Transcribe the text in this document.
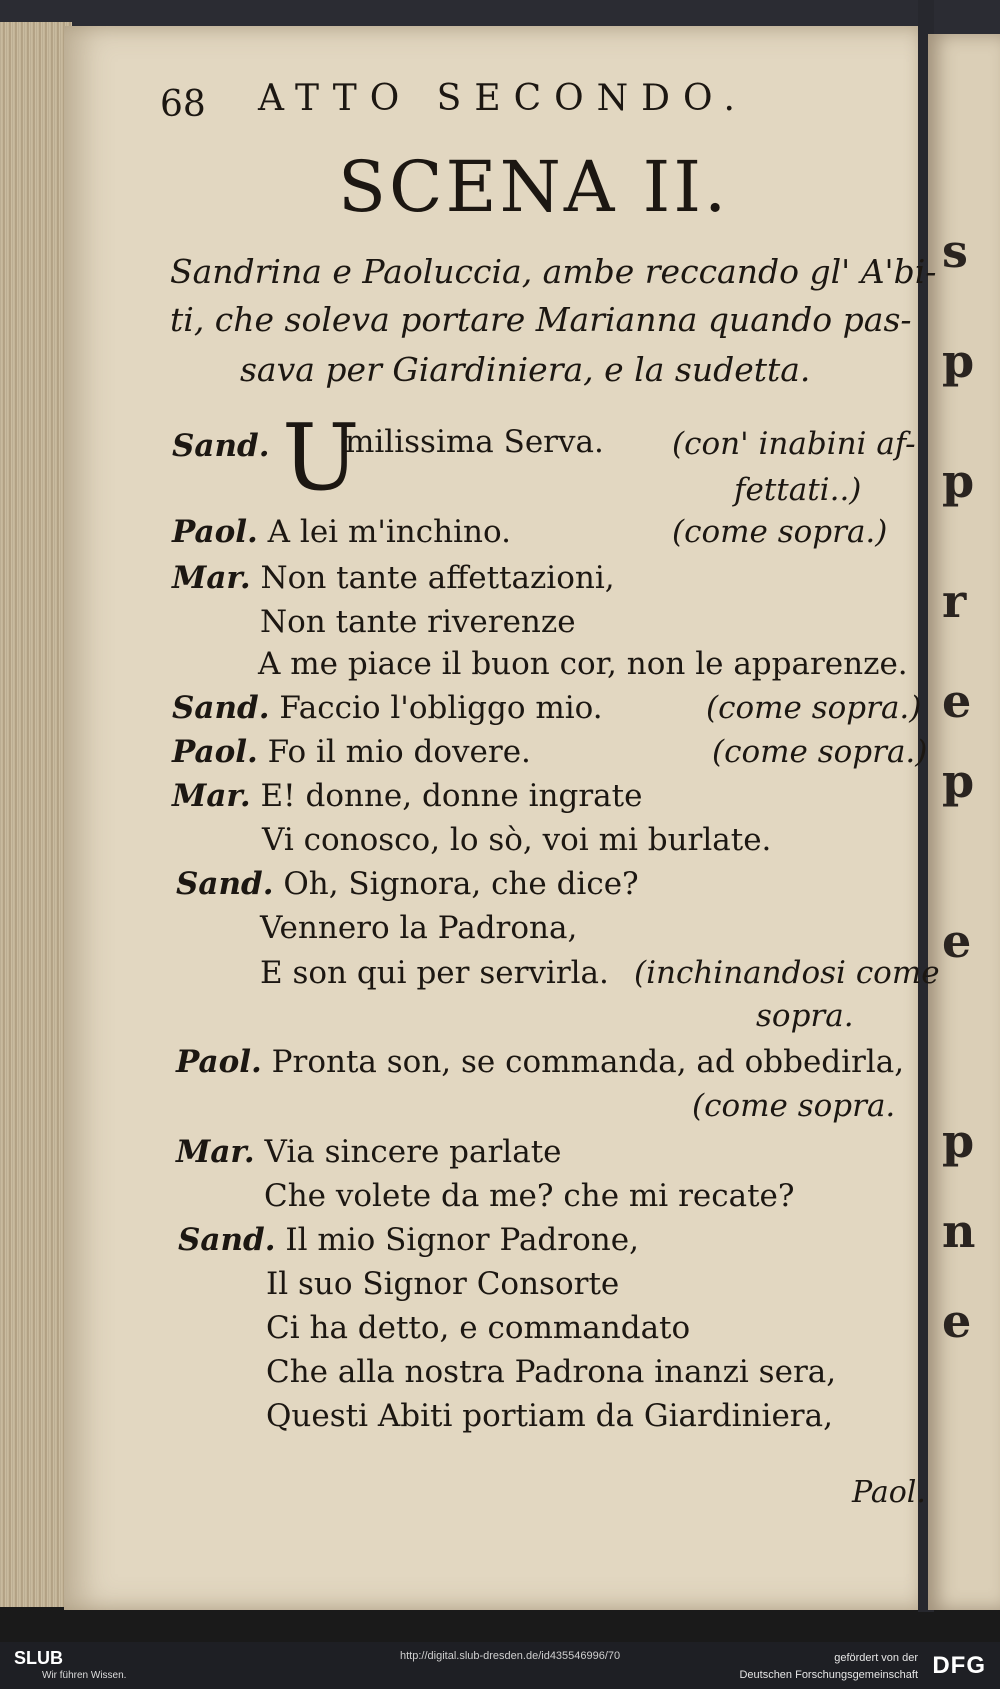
s
p
p
r
e
p
e
p
n
e
68 ATTO SECONDO.
SCENA II.
Sandrina e Paoluccia, ambe reccando gl' A'bi-
ti, che soleva portare Marianna quando pas-
sava per Giardiniera, e la sudetta.
U
Sand. milissima Serva. (con' inabini af-
fettati..)
Paol. A lei m'inchino.	(come sopra.)
Mar. Non tante affettazioni,
Non tante riverenze
A me piace il buon cor, non le apparenze.
Sand. Faccio l'obliggo mio.	(come sopra.)
Paol. Fo il mio dovere.	(come sopra.)
Mar. E! donne, donne ingrate
Vi conosco, lo sò, voi mi burlate.
Sand. Oh, Signora, che dice?
Vennero la Padrona,
E son qui per servirla. (inchinandosi come
sopra.
Paol. Pronta son, se commanda, ad obbedirla,
(come sopra.
Mar. Via sincere parlate
Che volete da me? che mi recate?
Sand. Il mio Signor Padrone,
Il suo Signor Consorte
Ci ha detto, e commandato
Che alla nostra Padrona inanzi sera,
Questi Abiti portiam da Giardiniera,
Paol.
SLUB
Wir führen Wissen.
http://digital.slub-dresden.de/id435546996/70	gefördert von der
Deutschen Forschungsgemeinschaft DFG
